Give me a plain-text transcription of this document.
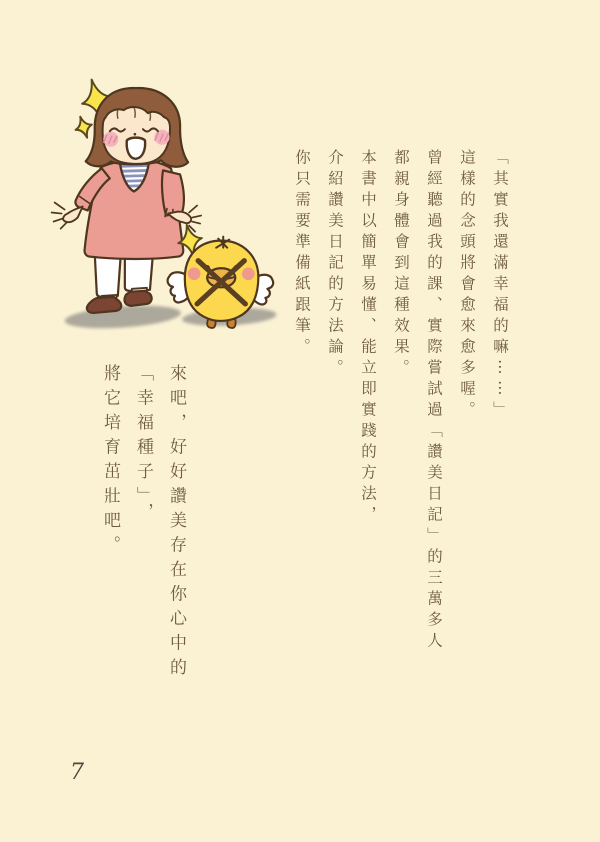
「其實我還滿幸福的嘛⋯⋯」

這樣的念頭將會愈來愈多喔。

曾經聽過我的課、實際嘗試過「讚美日記」的三萬多人

都親身體會到這種效果。

本書中以簡單易懂、能立即實踐的方法，

介紹讚美日記的方法論。

你只需要準備紙跟筆。

來吧，好好讚美存在你心中的

「幸福種子」，

將它培育茁壯吧。

7
